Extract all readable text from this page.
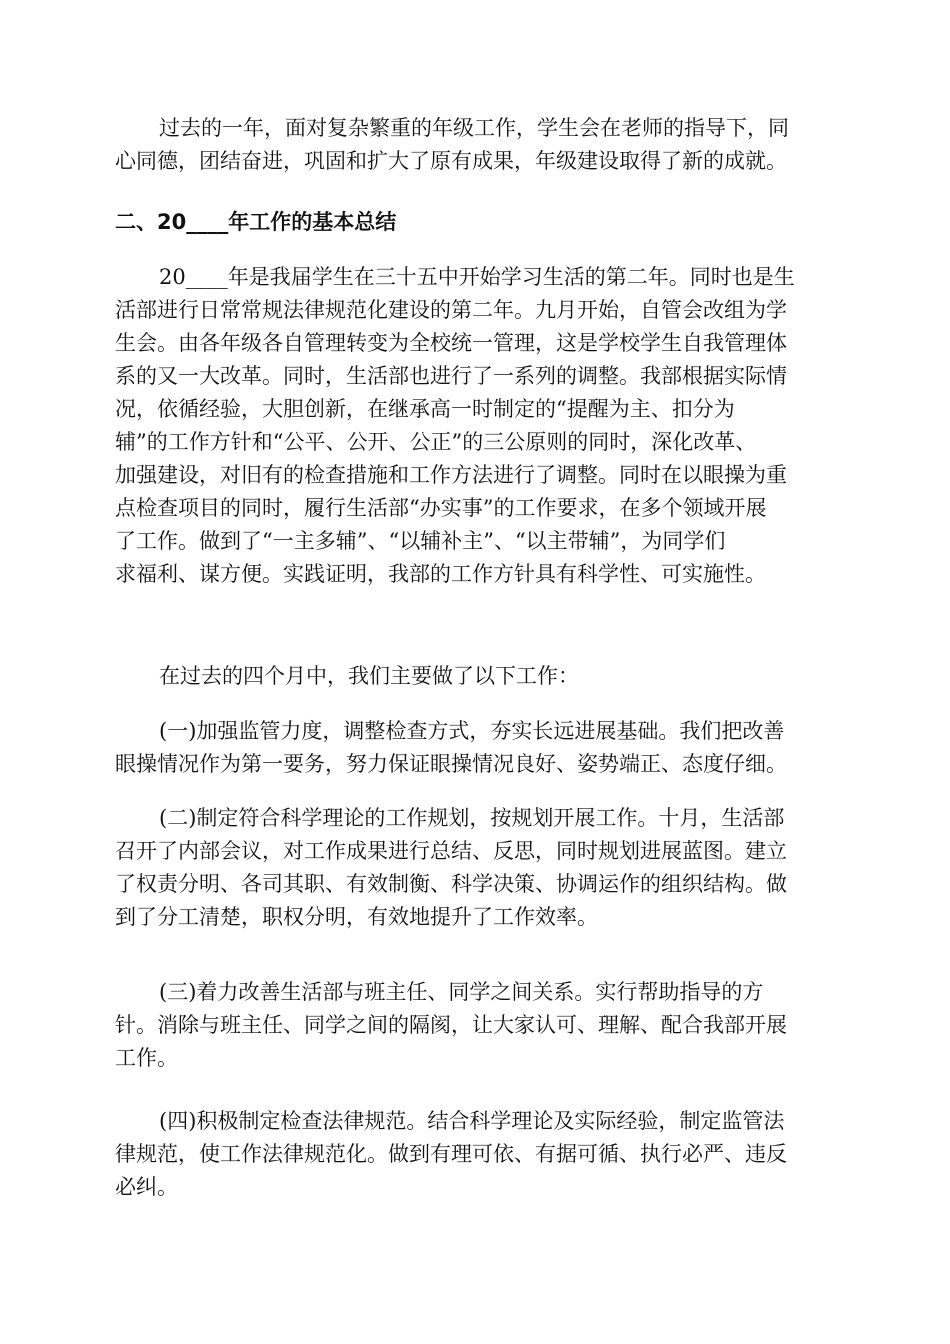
过去的一年，面对复杂繁重的年级工作，学生会在老师的指导下，同
心同德，团结奋进，巩固和扩大了原有成果，年级建设取得了新的成就。

二、20____年工作的基本总结

20____年是我届学生在三十五中开始学习生活的第二年。同时也是生
活部进行日常常规法律规范化建设的第二年。九月开始，自管会改组为学
生会。由各年级各自管理转变为全校统一管理，这是学校学生自我管理体
系的又一大改革。同时，生活部也进行了一系列的调整。我部根据实际情
况，依循经验，大胆创新，在继承高一时制定的“提醒为主、扣分为
辅”的工作方针和“公平、公开、公正”的三公原则的同时，深化改革、
加强建设，对旧有的检查措施和工作方法进行了调整。同时在以眼操为重
点检查项目的同时，履行生活部“办实事”的工作要求，在多个领域开展
了工作。做到了“一主多辅”、“以辅补主”、“以主带辅”，为同学们
求福利、谋方便。实践证明，我部的工作方针具有科学性、可实施性。

在过去的四个月中，我们主要做了以下工作：

(一)加强监管力度，调整检查方式，夯实长远进展基础。我们把改善
眼操情况作为第一要务，努力保证眼操情况良好、姿势端正、态度仔细。

(二)制定符合科学理论的工作规划，按规划开展工作。十月，生活部
召开了内部会议，对工作成果进行总结、反思，同时规划进展蓝图。建立
了权责分明、各司其职、有效制衡、科学决策、协调运作的组织结构。做
到了分工清楚，职权分明，有效地提升了工作效率。

(三)着力改善生活部与班主任、同学之间关系。实行帮助指导的方
针。消除与班主任、同学之间的隔阂，让大家认可、理解、配合我部开展
工作。

(四)积极制定检查法律规范。结合科学理论及实际经验，制定监管法
律规范，使工作法律规范化。做到有理可依、有据可循、执行必严、违反
必纠。
